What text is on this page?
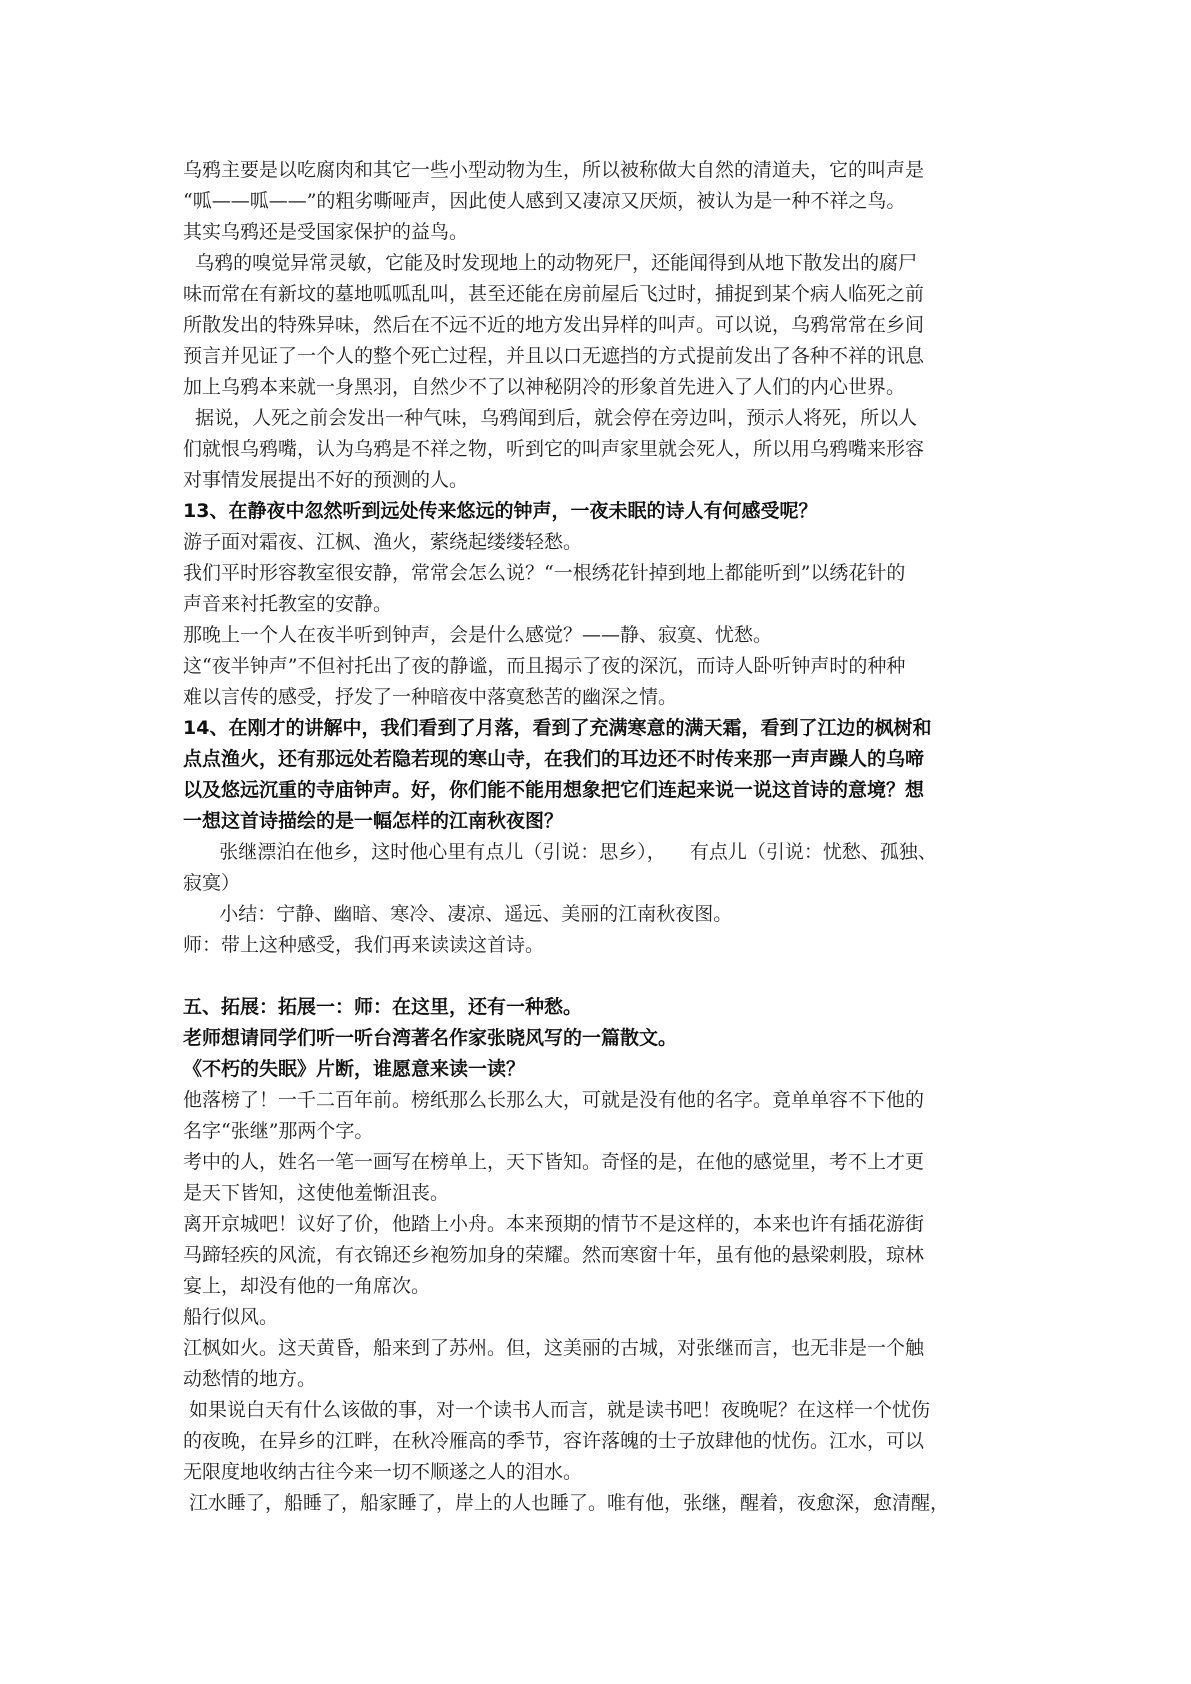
乌鸦主要是以吃腐肉和其它一些小型动物为生，所以被称做大自然的清道夫，它的叫声是
“呱——呱——”的粗劣嘶哑声，因此使人感到又凄凉又厌烦，被认为是一种不祥之鸟。
其实乌鸦还是受国家保护的益鸟。
乌鸦的嗅觉异常灵敏，它能及时发现地上的动物死尸，还能闻得到从地下散发出的腐尸
味而常在有新坟的墓地呱呱乱叫，甚至还能在房前屋后飞过时，捕捉到某个病人临死之前
所散发出的特殊异味，然后在不远不近的地方发出异样的叫声。可以说，乌鸦常常在乡间
预言并见证了一个人的整个死亡过程，并且以口无遮挡的方式提前发出了各种不祥的讯息
加上乌鸦本来就一身黑羽，自然少不了以神秘阴冷的形象首先进入了人们的内心世界。
据说，人死之前会发出一种气味，乌鸦闻到后，就会停在旁边叫，预示人将死，所以人
们就恨乌鸦嘴，认为乌鸦是不祥之物，听到它的叫声家里就会死人，所以用乌鸦嘴来形容
对事情发展提出不好的预测的人。
13、在静夜中忽然听到远处传来悠远的钟声，一夜未眠的诗人有何感受呢？
游子面对霜夜、江枫、渔火，萦绕起缕缕轻愁。
我们平时形容教室很安静，常常会怎么说？“一根绣花针掉到地上都能听到”以绣花针的
声音来衬托教室的安静。
那晚上一个人在夜半听到钟声，会是什么感觉？——静、寂寞、忧愁。
这“夜半钟声”不但衬托出了夜的静谧，而且揭示了夜的深沉，而诗人卧听钟声时的种种
难以言传的感受，抒发了一种暗夜中落寞愁苦的幽深之情。
14、在刚才的讲解中，我们看到了月落，看到了充满寒意的满天霜，看到了江边的枫树和
点点渔火，还有那远处若隐若现的寒山寺，在我们的耳边还不时传来那一声声躁人的乌啼
以及悠远沉重的寺庙钟声。好，你们能不能用想象把它们连起来说一说这首诗的意境？想
一想这首诗描绘的是一幅怎样的江南秋夜图？
张继漂泊在他乡，这时他心里有点儿（引说：思乡），    有点儿（引说：忧愁、孤独、
寂寞）
小结：宁静、幽暗、寒冷、凄凉、遥远、美丽的江南秋夜图。
师：带上这种感受，我们再来读读这首诗。
五、拓展：拓展一：师：在这里，还有一种愁。
老师想请同学们听一听台湾著名作家张晓风写的一篇散文。
《不朽的失眠》片断，谁愿意来读一读？
他落榜了！一千二百年前。榜纸那么长那么大，可就是没有他的名字。竟单单容不下他的
名字“张继”那两个字。
考中的人，姓名一笔一画写在榜单上，天下皆知。奇怪的是，在他的感觉里，考不上才更
是天下皆知，这使他羞惭沮丧。
离开京城吧！议好了价，他踏上小舟。本来预期的情节不是这样的，本来也许有插花游街
马蹄轻疾的风流，有衣锦还乡袍笏加身的荣耀。然而寒窗十年，虽有他的悬梁刺股，琼林
宴上，却没有他的一角席次。
船行似风。
江枫如火。这天黄昏，船来到了苏州。但，这美丽的古城，对张继而言，也无非是一个触
动愁情的地方。
如果说白天有什么该做的事，对一个读书人而言，就是读书吧！夜晚呢？在这样一个忧伤
的夜晚，在异乡的江畔，在秋冷雁高的季节，容许落魄的士子放肆他的忧伤。江水，可以
无限度地收纳古往今来一切不顺遂之人的泪水。
江水睡了，船睡了，船家睡了，岸上的人也睡了。唯有他，张继，醒着，夜愈深，愈清醒，
